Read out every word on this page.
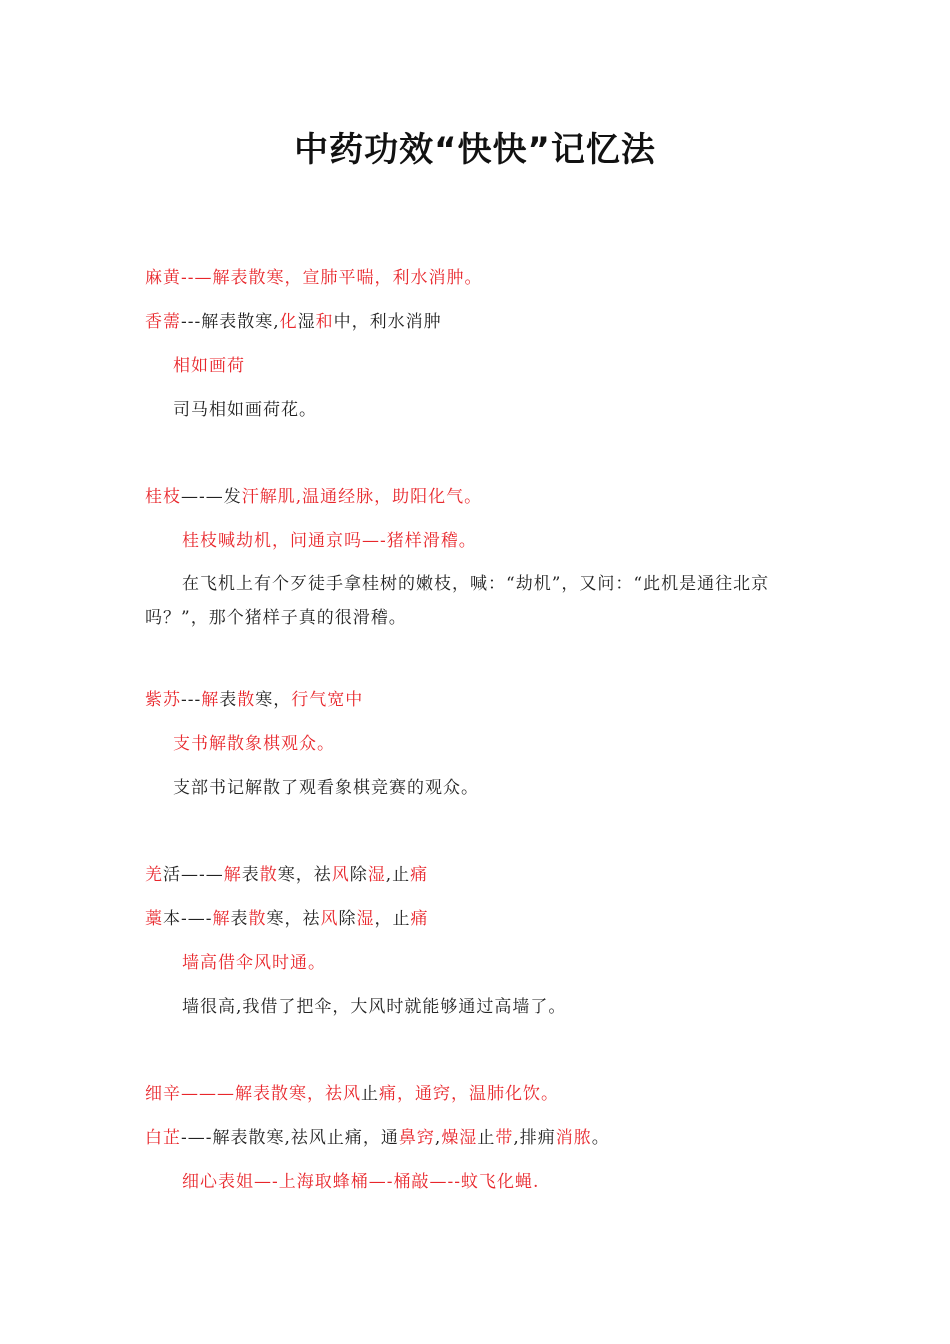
中药功效“快快”记忆法
麻黄--—解表散寒，宣肺平喘，利水消肿。
香薷---解表散寒,化湿和中，利水消肿
相如画荷
司马相如画荷花。
桂枝—-—发汗解肌,温通经脉，助阳化气。
桂枝喊劫机，问通京吗—-猪样滑稽。
在飞机上有个歹徒手拿桂树的嫩枝，喊：“劫机”，又问：“此机是通往北京吗？”，那个猪样子真的很滑稽。
紫苏---解表散寒，行气宽中
支书解散象棋观众。
支部书记解散了观看象棋竞赛的观众。
羌活—-—解表散寒，祛风除湿,止痛
藁本-—-解表散寒，祛风除湿，止痛
墙高借伞风时通。
墙很高,我借了把伞，大风时就能够通过高墙了。
细辛———解表散寒，祛风止痛，通窍，温肺化饮。
白芷-—-解表散寒,祛风止痛，通鼻窍,燥湿止带,排痈消脓。
细心表姐—-上海取蜂桶—-桶敲—--蚊飞化蝇.
